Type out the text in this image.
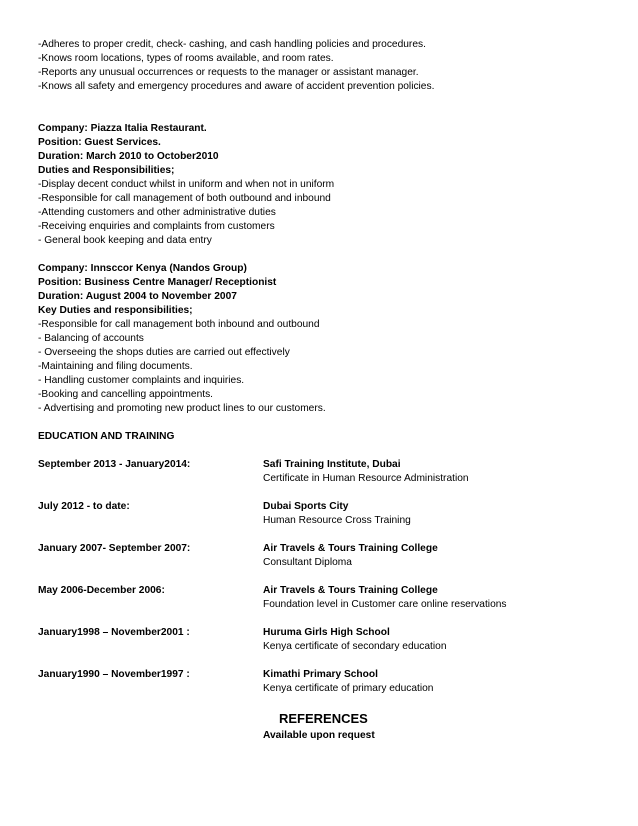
-Adheres to proper credit, check- cashing, and cash handling policies and procedures.
-Knows room locations, types of rooms available, and room rates.
-Reports any unusual occurrences or requests to the manager or assistant manager.
-Knows all safety and emergency procedures and aware of accident prevention policies.
Company: Piazza Italia Restaurant.
Position: Guest Services.
Duration: March 2010 to October2010
Duties and Responsibilities;
-Display decent conduct whilst in uniform and when not in uniform
-Responsible for call management of both outbound and inbound
-Attending customers and other administrative duties
-Receiving enquiries and complaints from customers
- General book keeping and data entry
Company: Innsccor Kenya (Nandos Group)
Position: Business Centre Manager/ Receptionist
Duration: August 2004 to November 2007
Key Duties and responsibilities;
-Responsible for call management both inbound and outbound
- Balancing of accounts
- Overseeing the shops duties are carried out effectively
-Maintaining and filing documents.
- Handling customer complaints and inquiries.
-Booking and cancelling appointments.
- Advertising and promoting new product lines to our customers.
EDUCATION AND TRAINING
September 2013 - January2014:	Safi Training Institute, Dubai
Certificate in Human Resource Administration
July 2012 - to date:	Dubai Sports City
Human Resource Cross Training
January 2007- September 2007:	Air Travels & Tours Training College
Consultant Diploma
May 2006-December 2006:	Air Travels & Tours Training College
Foundation level in Customer care online reservations
January1998 – November2001 :	Huruma Girls High School
Kenya certificate of secondary education
January1990 – November1997 :	Kimathi Primary School
Kenya certificate of primary education
REFERENCES
Available upon request
